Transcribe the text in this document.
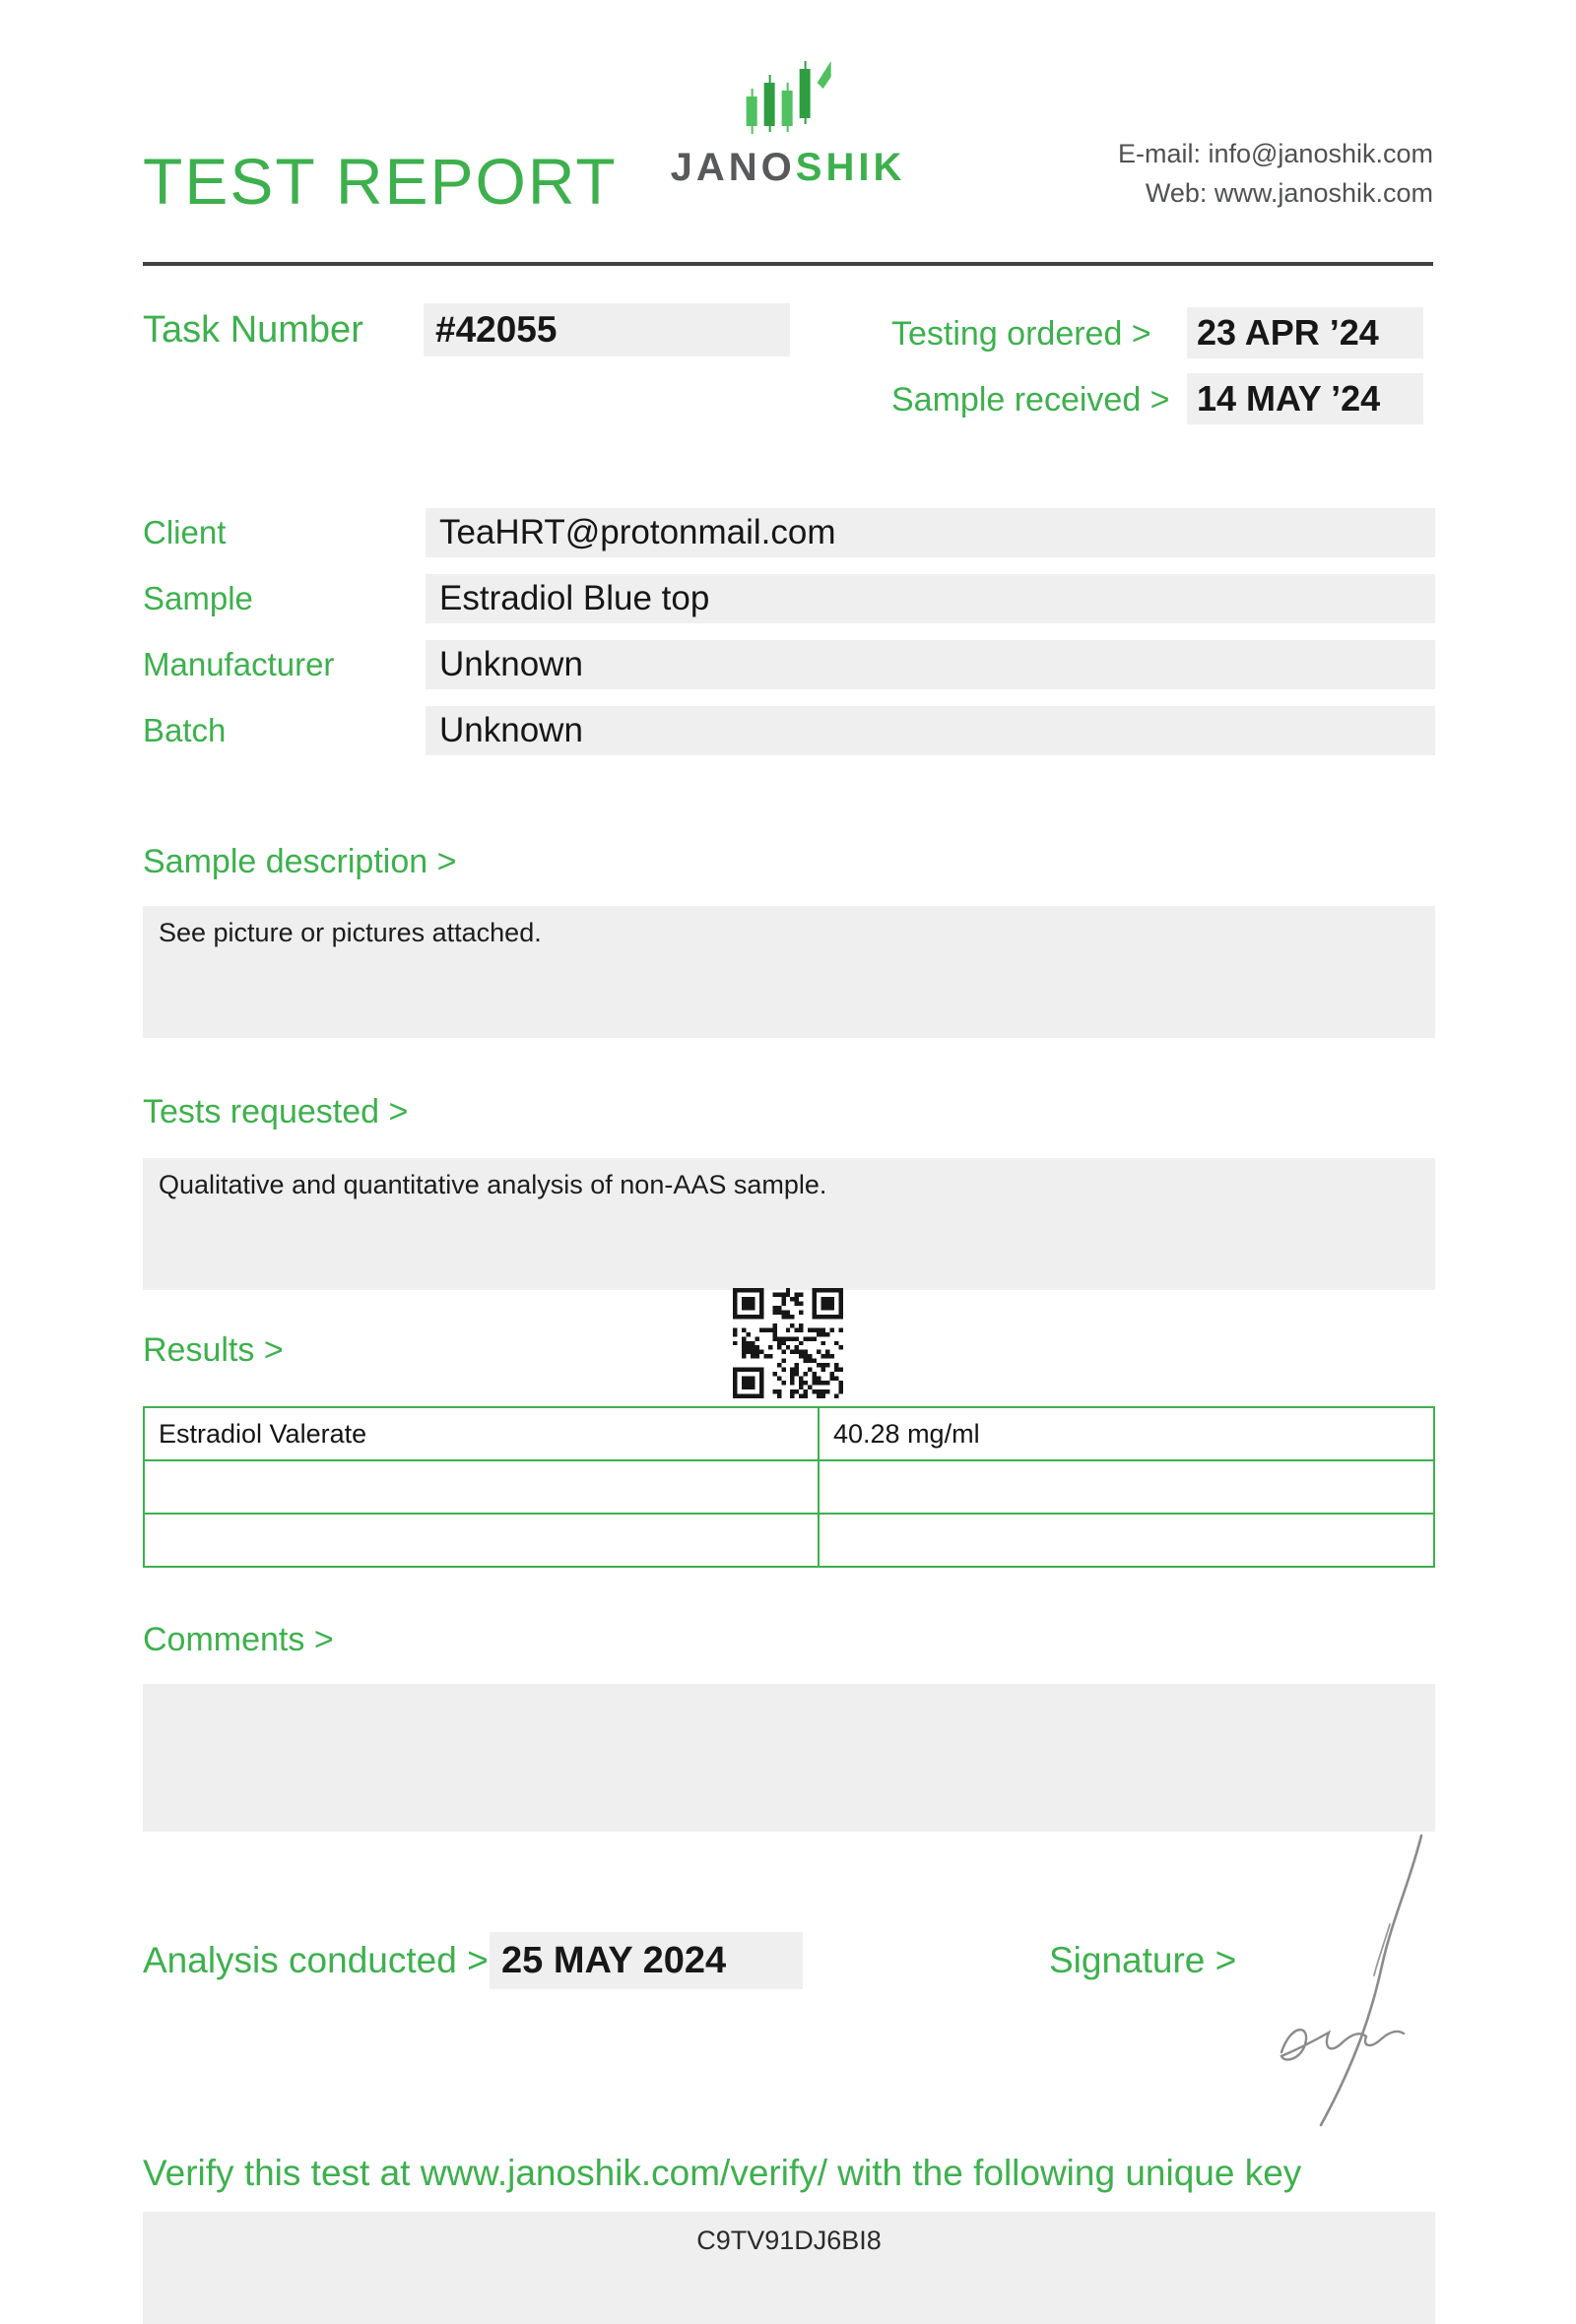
TEST REPORT JANOSHIK	E-mail: info@janoshik.com
Web: www.janoshik.com
Task Number	#42055	Testing ordered > 23 APR ’24
Sample received > 14 MAY ’24
Client	TeaHRT@protonmail.com
Sample	Estradiol Blue top
Manufacturer	Unknown
Batch	Unknown
Sample description >
See picture or pictures attached.
Tests requested >
Qualitative and quantitative analysis of non-AAS sample.
Results >
Estradiol Valerate	40.28 mg/ml

Comments >
Analysis conducted > 25 MAY 2024	Signature >
Verify this test at www.janoshik.com/verify/ with the following unique key
C9TV91DJ6BI8
